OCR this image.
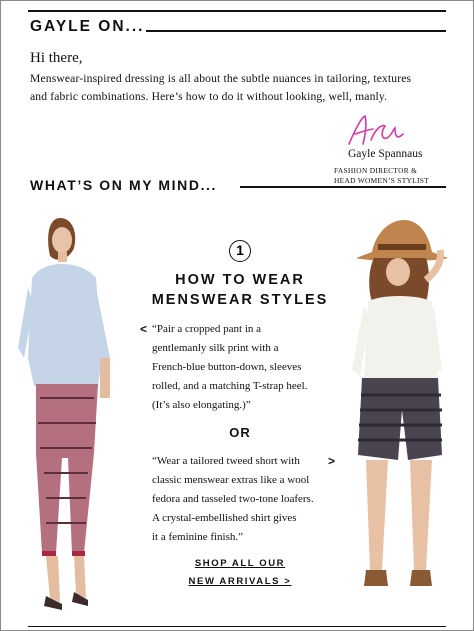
GAYLE ON...
Hi there,
Menswear-inspired dressing is all about the subtle nuances in tailoring, textures
and fabric combinations. Here’s how to do it without looking, well, manly.
Gayle Spannaus
FASHION DIRECTOR &
HEAD WOMEN’S STYLIST
WHAT’S ON MY MIND...
1
HOW TO WEAR
MENSWEAR STYLES
< “Pair a cropped pant in a
gentlemanly silk print with a
French-blue button-down, sleeves
rolled, and a matching T-strap heel.
(It’s also elongating.)”
OR
“Wear a tailored tweed short with
classic menswear extras like a wool
fedora and tasseled two-tone loafers.
A crystal-embellished shirt gives
it a feminine finish.”
>
SHOP ALL OUR
NEW ARRIVALS >
